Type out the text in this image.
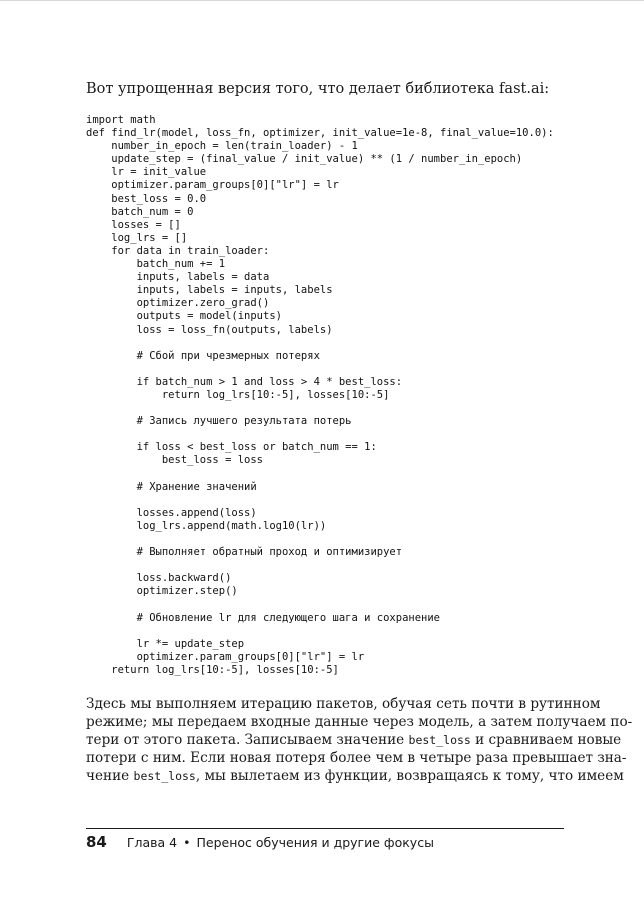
Вот упрощенная версия того, что делает библиотека fast.ai:

import math
def find_lr(model, loss_fn, optimizer, init_value=1e-8, final_value=10.0):
number_in_epoch = len(train_loader) - 1
update_step = (final_value / init_value) ** (1 / number_in_epoch)
lr = init_value
optimizer.param_groups[0]["lr"] = lr
best_loss = 0.0
batch_num = 0
losses = []
log_lrs = []
for data in train_loader:
batch_num += 1
inputs, labels = data
inputs, labels = inputs, labels
optimizer.zero_grad()
outputs = model(inputs)
loss = loss_fn(outputs, labels)
# Сбой при чрезмерных потерях
if batch_num > 1 and loss > 4 * best_loss:
return log_lrs[10:-5], losses[10:-5]
# Запись лучшего результата потерь
if loss < best_loss or batch_num == 1:
best_loss = loss
# Хранение значений
losses.append(loss)
log_lrs.append(math.log10(lr))
# Выполняет обратный проход и оптимизирует
loss.backward()
optimizer.step()
# Обновление lr для следующего шага и сохранение
lr *= update_step
optimizer.param_groups[0]["lr"] = lr
return log_lrs[10:-5], losses[10:-5]
Здесь мы выполняем итерацию пакетов, обучая сеть почти в рутинном
режиме; мы передаем входные данные через модель, а затем получаем по-
тери от этого пакета. Записываем значение best_loss и сравниваем новые
потери с ним. Если новая потеря более чем в четыре раза превышает зна-
чение best_loss, мы вылетаем из функции, возвращаясь к тому, что имеем
84 Глава 4 • Перенос обучения и другие фокусы
